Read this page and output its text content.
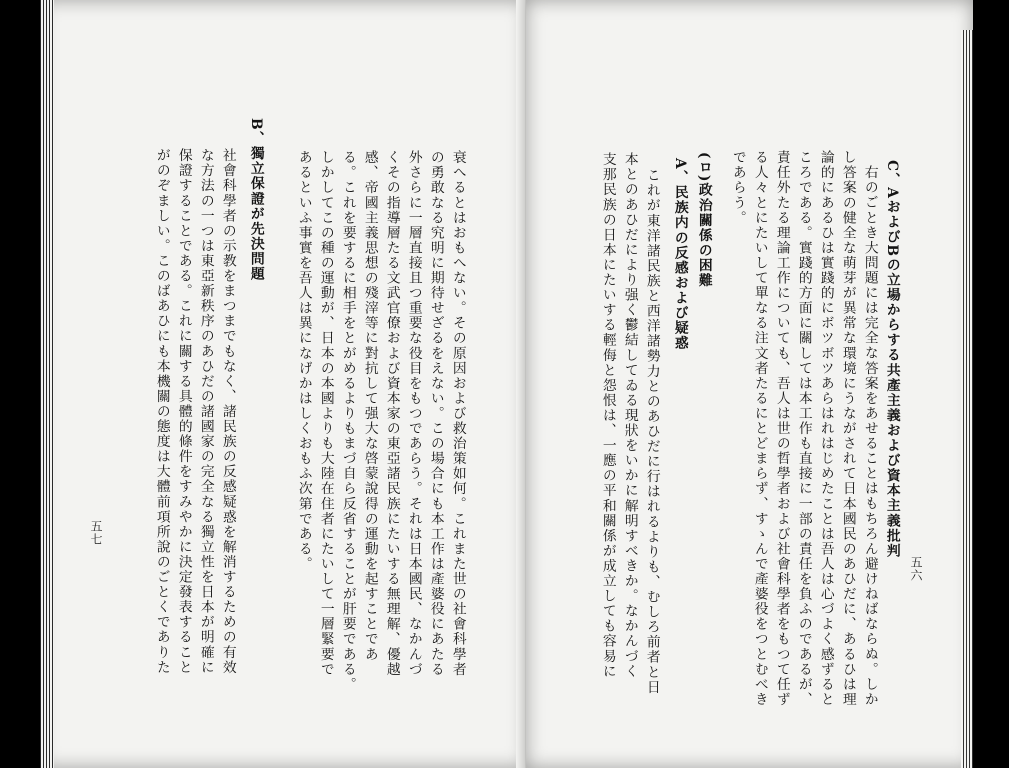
五七	衰へるとはおもへない。その原因および救治策如何。これまた世の社會科學者
の勇敢なる究明に期待せざるをえない。この場合にも本工作は產婆役にあたる
外さらに一層直接且つ重要な役目をもつであらう。それは日本國民、なかんづ
くその指導層たる文武官僚および資本家の東亞諸民族にたいする無理解、優越
感、帝國主義思想の殘滓等に對抗して强大な啓蒙說得の運動を起すことであ
る。これを要するに相手をとがめるよりもまづ自ら反省することが肝要である。
しかしてこの種の運動が、日本の本國よりも大陸在住者にたいして一層緊要で
あるといふ事實を吾人は異になげかはしくおもふ次第である。
B、獨立保證が先決問題
社會科學者の示教をまつまでもなく、諸民族の反感疑惑を解消するための有效
な方法の一つは東亞新秩序のあひだの諸國家の完全なる獨立性を日本が明確に
保證することである。これに關する具體的條件をすみやかに決定發表すること
がのぞましい。このばあひにも本機關の態度は大體前項所說のごとくでありた	五六
C、AおよびBの立場からする共產主義および資本主義批判
右のごとき大問題には完全な答案をあせることはもちろん避けねばならぬ。しか
し答案の健全な萌芽が異常な環境にうながされて日本國民のあひだに、あるひは理
論的にあるひは實踐的にボツボツあらはれはじめたことは吾人は心づよく感ずると
ころである。實踐的方面に關しては本工作も直接に一部の責任を負ふのであるが、
責任外たる理論工作についても、吾人は世の哲學者および社會科學者をもつて任ず
る人々とにたいして單なる注文者たるにとどまらず、すゝんで產婆役をつとむべき
であらう。
(ロ)政治關係の困難
A、民族内の反感および疑惑
これが東洋諸民族と西洋諸勢力とのあひだに行はれるよりも、むしろ前者と日
本とのあひだにより强く鬱結してゐる現狀をいかに解明すべきか。なかんづく
支那民族の日本にたいする輕侮と怨恨は、一應の平和關係が成立しても容易に
